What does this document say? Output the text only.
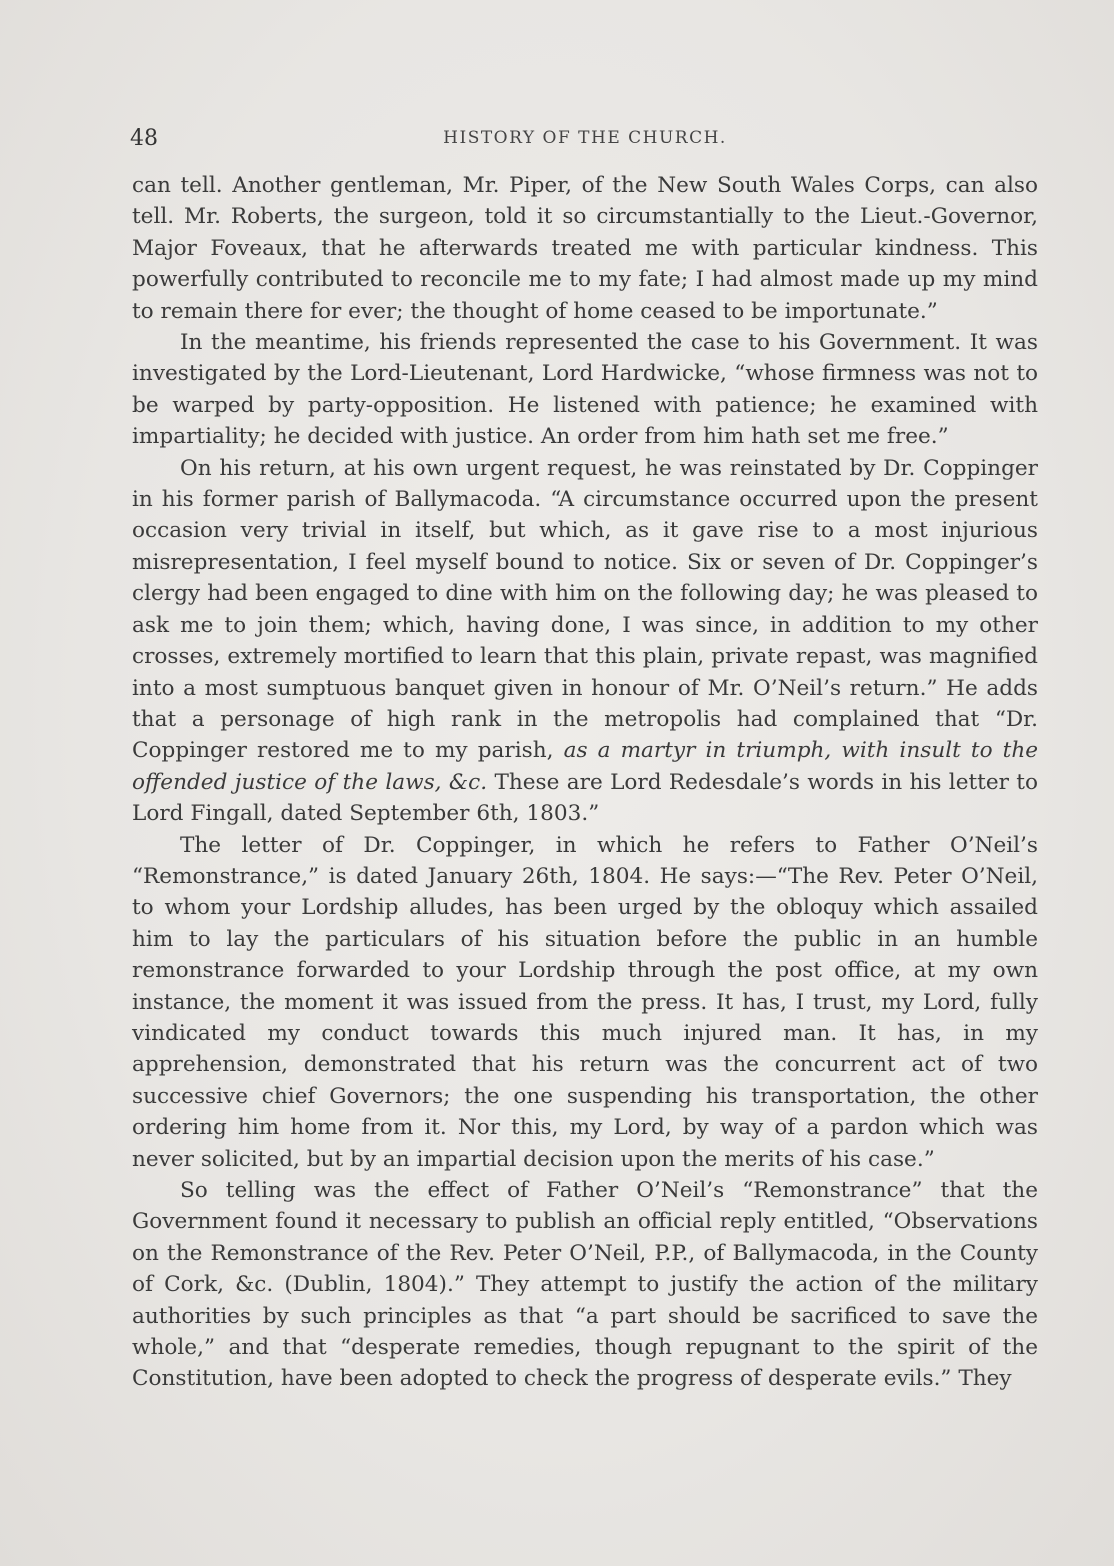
48	HISTORY OF THE CHURCH.

can tell. Another gentleman, Mr. Piper, of the New South Wales Corps, can also tell. Mr. Roberts, the surgeon, told it so circumstantially to the Lieut.-Governor, Major Foveaux, that he afterwards treated me with particular kindness. This powerfully contributed to reconcile me to my fate; I had almost made up my mind to remain there for ever; the thought of home ceased to be importunate.”

In the meantime, his friends represented the case to his Government. It was investigated by the Lord-Lieutenant, Lord Hardwicke, “whose firmness was not to be warped by party-opposition. He listened with patience; he examined with impartiality; he decided with justice. An order from him hath set me free.”

On his return, at his own urgent request, he was reinstated by Dr. Coppinger in his former parish of Ballymacoda. “A circumstance occurred upon the present occasion very trivial in itself, but which, as it gave rise to a most injurious misrepresentation, I feel myself bound to notice. Six or seven of Dr. Coppinger’s clergy had been engaged to dine with him on the following day; he was pleased to ask me to join them; which, having done, I was since, in addition to my other crosses, extremely mortified to learn that this plain, private repast, was magnified into a most sumptuous banquet given in honour of Mr. O’Neil’s return.” He adds that a personage of high rank in the metropolis had complained that “Dr. Coppinger restored me to my parish, as a martyr in triumph, with insult to the offended justice of the laws, &c. These are Lord Redesdale’s words in his letter to Lord Fingall, dated September 6th, 1803.”

The letter of Dr. Coppinger, in which he refers to Father O’Neil’s “Remonstrance,” is dated January 26th, 1804. He says:—“The Rev. Peter O’Neil, to whom your Lordship alludes, has been urged by the obloquy which assailed him to lay the particulars of his situation before the public in an humble remonstrance forwarded to your Lordship through the post office, at my own instance, the moment it was issued from the press. It has, I trust, my Lord, fully vindicated my conduct towards this much injured man. It has, in my apprehension, demonstrated that his return was the concurrent act of two successive chief Governors; the one suspending his transportation, the other ordering him home from it. Nor this, my Lord, by way of a pardon which was never solicited, but by an impartial decision upon the merits of his case.”

So telling was the effect of Father O’Neil’s “Remonstrance” that the Government found it necessary to publish an official reply entitled, “Observations on the Remonstrance of the Rev. Peter O’Neil, P.P., of Ballymacoda, in the County of Cork, &c. (Dublin, 1804).” They attempt to justify the action of the military authorities by such principles as that “a part should be sacrificed to save the whole,” and that “desperate remedies, though repugnant to the spirit of the Constitution, have been adopted to check the progress of desperate evils.” They
